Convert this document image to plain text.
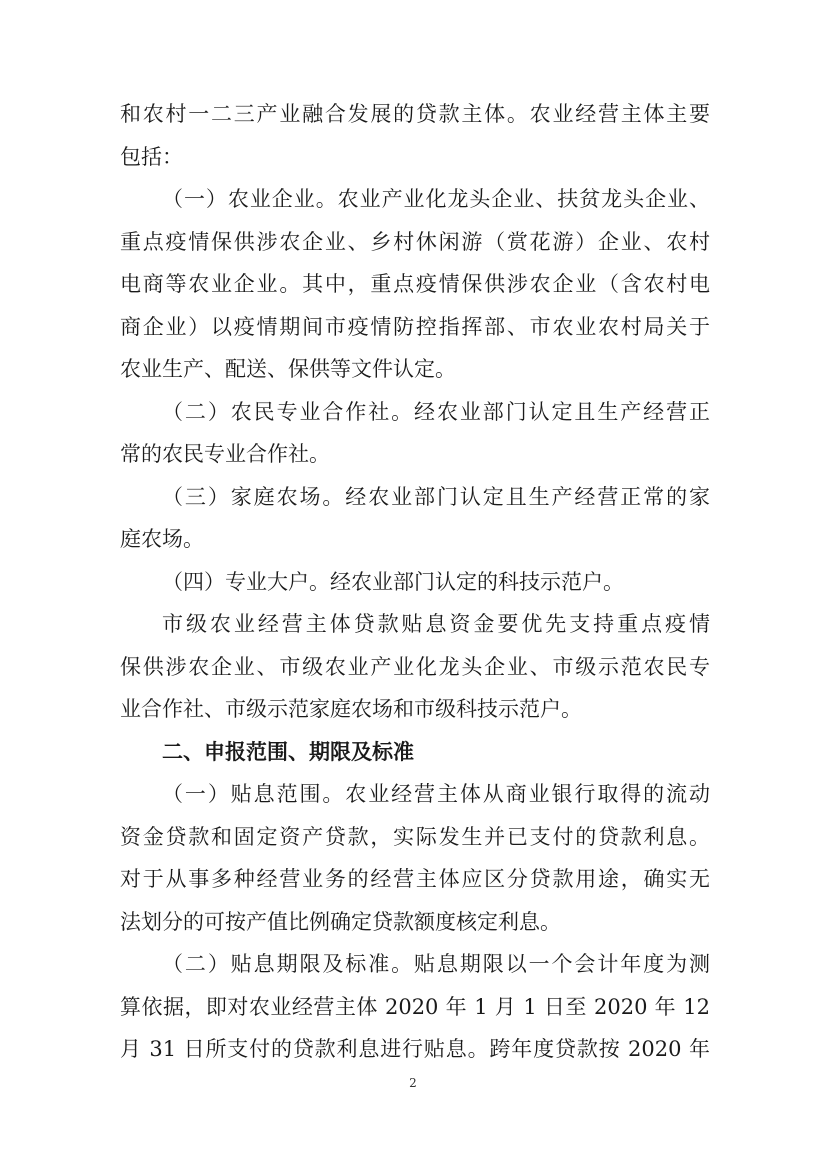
和农村一二三产业融合发展的贷款主体。农业经营主体主要
包括：
（一）农业企业。农业产业化龙头企业、扶贫龙头企业、
重点疫情保供涉农企业、乡村休闲游（赏花游）企业、农村
电商等农业企业。其中，重点疫情保供涉农企业（含农村电
商企业）以疫情期间市疫情防控指挥部、市农业农村局关于
农业生产、配送、保供等文件认定。
（二）农民专业合作社。经农业部门认定且生产经营正
常的农民专业合作社。
（三）家庭农场。经农业部门认定且生产经营正常的家
庭农场。
（四）专业大户。经农业部门认定的科技示范户。
市级农业经营主体贷款贴息资金要优先支持重点疫情
保供涉农企业、市级农业产业化龙头企业、市级示范农民专
业合作社、市级示范家庭农场和市级科技示范户。
二、申报范围、期限及标准
（一）贴息范围。农业经营主体从商业银行取得的流动
资金贷款和固定资产贷款，实际发生并已支付的贷款利息。
对于从事多种经营业务的经营主体应区分贷款用途，确实无
法划分的可按产值比例确定贷款额度核定利息。
（二）贴息期限及标准。贴息期限以一个会计年度为测
算依据，即对农业经营主体 2020 年 1 月 1 日至 2020 年 12
月 31 日所支付的贷款利息进行贴息。跨年度贷款按 2020 年
2
